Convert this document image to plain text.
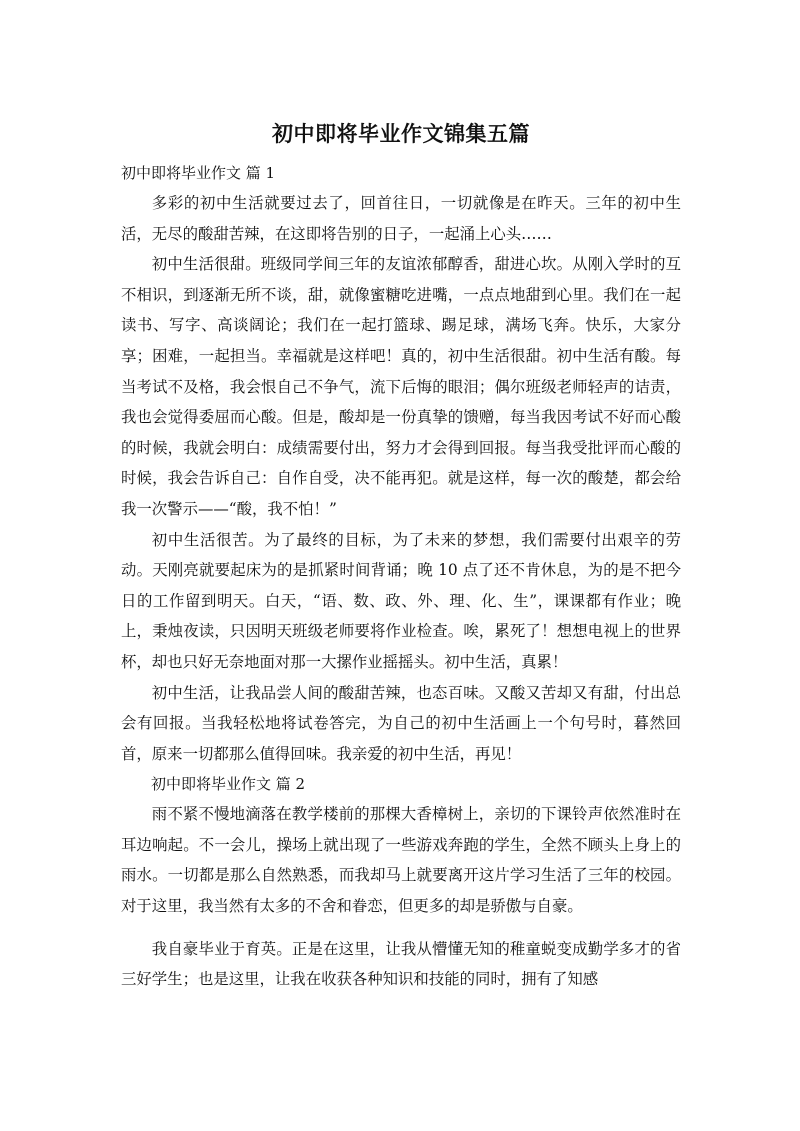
初中即将毕业作文锦集五篇

初中即将毕业作文 篇 1

多彩的初中生活就要过去了，回首往日，一切就像是在昨天。三年的初中生活，无尽的酸甜苦辣，在这即将告别的日子，一起涌上心头……

初中生活很甜。班级同学间三年的友谊浓郁醇香，甜进心坎。从刚入学时的互不相识，到逐渐无所不谈，甜，就像蜜糖吃进嘴，一点点地甜到心里。我们在一起读书、写字、高谈阔论；我们在一起打篮球、踢足球，满场飞奔。快乐，大家分享；困难，一起担当。幸福就是这样吧！真的，初中生活很甜。初中生活有酸。每当考试不及格，我会恨自己不争气，流下后悔的眼泪；偶尔班级老师轻声的诘责，我也会觉得委屈而心酸。但是，酸却是一份真挚的馈赠，每当我因考试不好而心酸的时候，我就会明白：成绩需要付出，努力才会得到回报。每当我受批评而心酸的时候，我会告诉自己：自作自受，决不能再犯。就是这样，每一次的酸楚，都会给我一次警示——“酸，我不怕！”

初中生活很苦。为了最终的目标，为了未来的梦想，我们需要付出艰辛的劳动。天刚亮就要起床为的是抓紧时间背诵；晚 10 点了还不肯休息，为的是不把今日的工作留到明天。白天，“语、数、政、外、理、化、生”，课课都有作业；晚上，秉烛夜读，只因明天班级老师要将作业检查。唉，累死了！想想电视上的世界杯，却也只好无奈地面对那一大摞作业摇摇头。初中生活，真累！

初中生活，让我品尝人间的酸甜苦辣，也态百味。又酸又苦却又有甜，付出总会有回报。当我轻松地将试卷答完，为自己的初中生活画上一个句号时，暮然回首，原来一切都那么值得回味。我亲爱的初中生活，再见！

初中即将毕业作文 篇 2

雨不紧不慢地滴落在教学楼前的那棵大香樟树上，亲切的下课铃声依然准时在耳边响起。不一会儿，操场上就出现了一些游戏奔跑的学生，全然不顾头上身上的雨水。一切都是那么自然熟悉，而我却马上就要离开这片学习生活了三年的校园。对于这里，我当然有太多的不舍和眷恋，但更多的却是骄傲与自豪。

我自豪毕业于育英。正是在这里，让我从懵懂无知的稚童蜕变成勤学多才的省三好学生；也是这里，让我在收获各种知识和技能的同时，拥有了知感
